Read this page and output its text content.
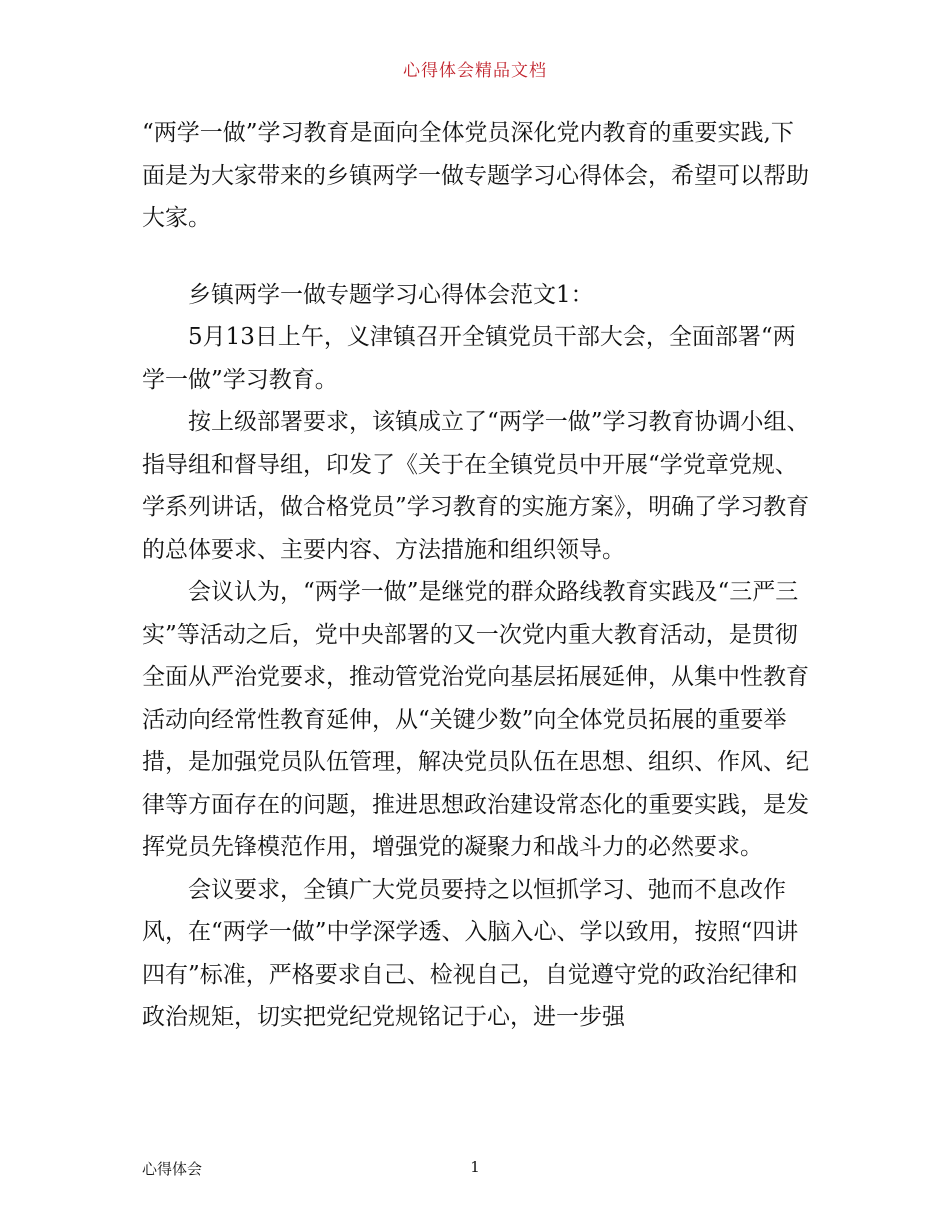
心得体会精品文档

“两学一做”学习教育是面向全体党员深化党内教育的重要实践,下面是为大家带来的乡镇两学一做专题学习心得体会，希望可以帮助大家。

乡镇两学一做专题学习心得体会范文1：

5月13日上午，义津镇召开全镇党员干部大会，全面部署“两学一做”学习教育。

按上级部署要求，该镇成立了“两学一做”学习教育协调小组、指导组和督导组，印发了《关于在全镇党员中开展“学党章党规、学系列讲话，做合格党员”学习教育的实施方案》，明确了学习教育的总体要求、主要内容、方法措施和组织领导。

会议认为，“两学一做”是继党的群众路线教育实践及“三严三实”等活动之后，党中央部署的又一次党内重大教育活动，是贯彻全面从严治党要求，推动管党治党向基层拓展延伸，从集中性教育活动向经常性教育延伸，从“关键少数”向全体党员拓展的重要举措，是加强党员队伍管理，解决党员队伍在思想、组织、作风、纪律等方面存在的问题，推进思想政治建设常态化的重要实践，是发挥党员先锋模范作用，增强党的凝聚力和战斗力的必然要求。

会议要求，全镇广大党员要持之以恒抓学习、弛而不息改作风，在“两学一做”中学深学透、入脑入心、学以致用，按照“四讲四有”标准，严格要求自己、检视自己，自觉遵守党的政治纪律和政治规矩，切实把党纪党规铭记于心，进一步强

心得体会	1
